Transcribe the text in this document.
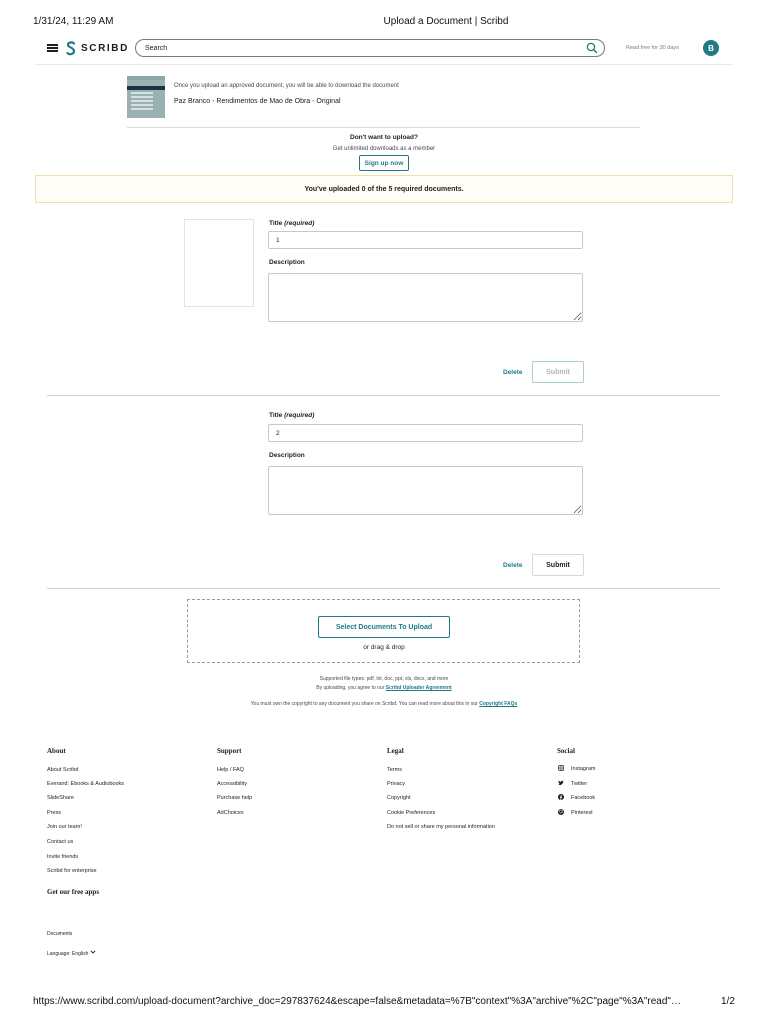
1/31/24, 11:29 AM	Upload a Document | Scribd
SCRIBD
Search	Read free for 30 days	B
Once you upload an approved document, you will be able to download the document
Paz Branco - Rendimentos de Mao de Obra - Original
Don't want to upload?
Get unlimited downloads as a member
Sign up now
You've uploaded 0 of the 5 required documents.
Title (required)
1
Description
Delete	Submit
Title (required)
2
Description
Delete	Submit
Select Documents To Upload
or drag & drop
Supported file types: pdf, txt, doc, ppt, xls, docx, and more
By uploading, you agree to our Scribd Uploader Agreement
You must own the copyright to any document you share on Scribd. You can read more about this in our Copyright FAQs
About
About Scribd
Everand: Ebooks & Audiobooks
SlideShare
Press
Join our team!
Contact us
Invite friends
Scribd for enterprise
Get our free apps
Documents
Language: English
Support
Help / FAQ
Accessibility
Purchase help
AdChoices
Legal
Terms
Privacy
Copyright
Cookie Preferences
Do not sell or share my personal information
Social
Instagram
Twitter
Facebook
Pinterest
https://www.scribd.com/upload-document?archive_doc=297837624&escape=false&metadata=%7B"context"%3A"archive"%2C"page"%3A"read"…	1/2
